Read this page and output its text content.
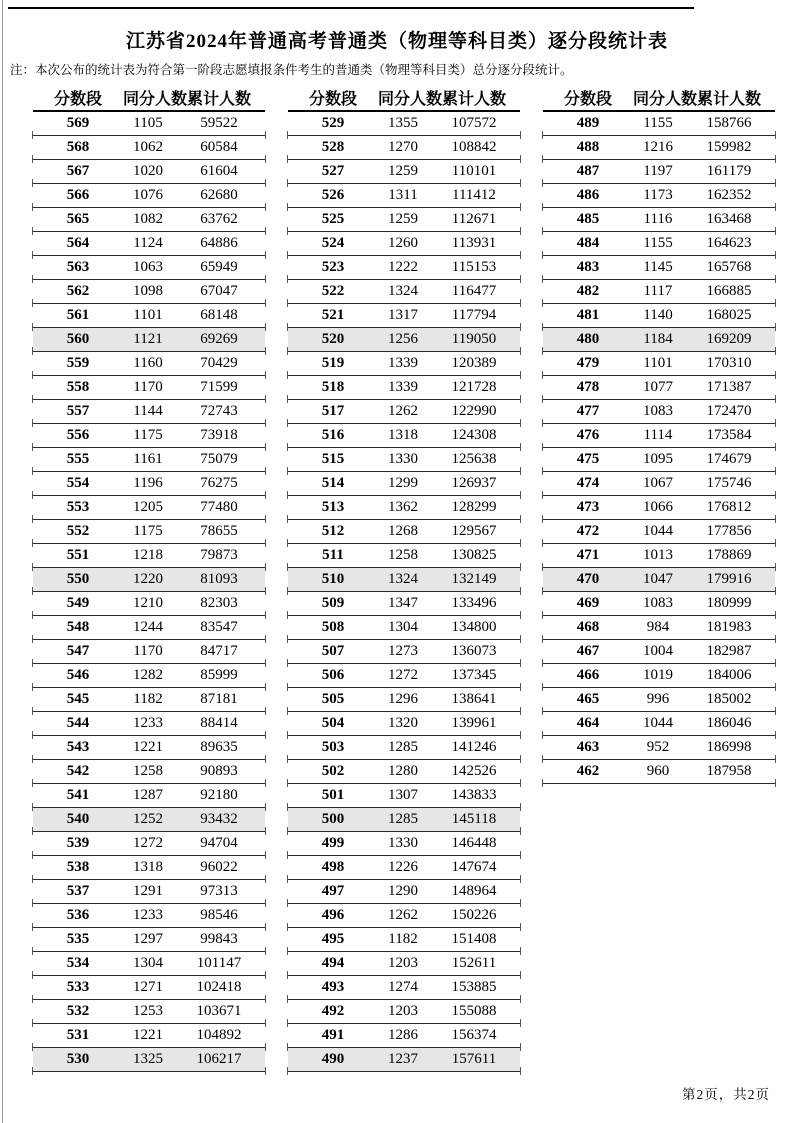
江苏省2024年普通高考普通类（物理等科目类）逐分段统计表
注：本次公布的统计表为符合第一阶段志愿填报条件考生的普通类（物理等科目类）总分逐分段统计。
分数段	同分人数 累计人数
569	1105	59522
568	1062	60584
567	1020	61604
566	1076	62680
565	1082	63762
564	1124	64886
563	1063	65949
562	1098	67047
561	1101	68148
560	1121	69269
559	1160	70429
558	1170	71599
557	1144	72743
556	1175	73918
555	1161	75079
554	1196	76275
553	1205	77480
552	1175	78655
551	1218	79873
550	1220	81093
549	1210	82303
548	1244	83547
547	1170	84717
546	1282	85999
545	1182	87181
544	1233	88414
543	1221	89635
542	1258	90893
541	1287	92180
540	1252	93432
539	1272	94704
538	1318	96022
537	1291	97313
536	1233	98546
535	1297	99843
534	1304	101147
533	1271	102418
532	1253	103671
531	1221	104892
530	1325	106217
分数段	同分人数 累计人数
529	1355	107572
528	1270	108842
527	1259	110101
526	1311	111412
525	1259	112671
524	1260	113931
523	1222	115153
522	1324	116477
521	1317	117794
520	1256	119050
519	1339	120389
518	1339	121728
517	1262	122990
516	1318	124308
515	1330	125638
514	1299	126937
513	1362	128299
512	1268	129567
511	1258	130825
510	1324	132149
509	1347	133496
508	1304	134800
507	1273	136073
506	1272	137345
505	1296	138641
504	1320	139961
503	1285	141246
502	1280	142526
501	1307	143833
500	1285	145118
499	1330	146448
498	1226	147674
497	1290	148964
496	1262	150226
495	1182	151408
494	1203	152611
493	1274	153885
492	1203	155088
491	1286	156374
490	1237	157611
分数段	同分人数 累计人数
489	1155	158766
488	1216	159982
487	1197	161179
486	1173	162352
485	1116	163468
484	1155	164623
483	1145	165768
482	1117	166885
481	1140	168025
480	1184	169209
479	1101	170310
478	1077	171387
477	1083	172470
476	1114	173584
475	1095	174679
474	1067	175746
473	1066	176812
472	1044	177856
471	1013	178869
470	1047	179916
469	1083	180999
468	984	181983
467	1004	182987
466	1019	184006
465	996	185002
464	1044	186046
463	952	186998
462	960	187958
第2页，共2页
